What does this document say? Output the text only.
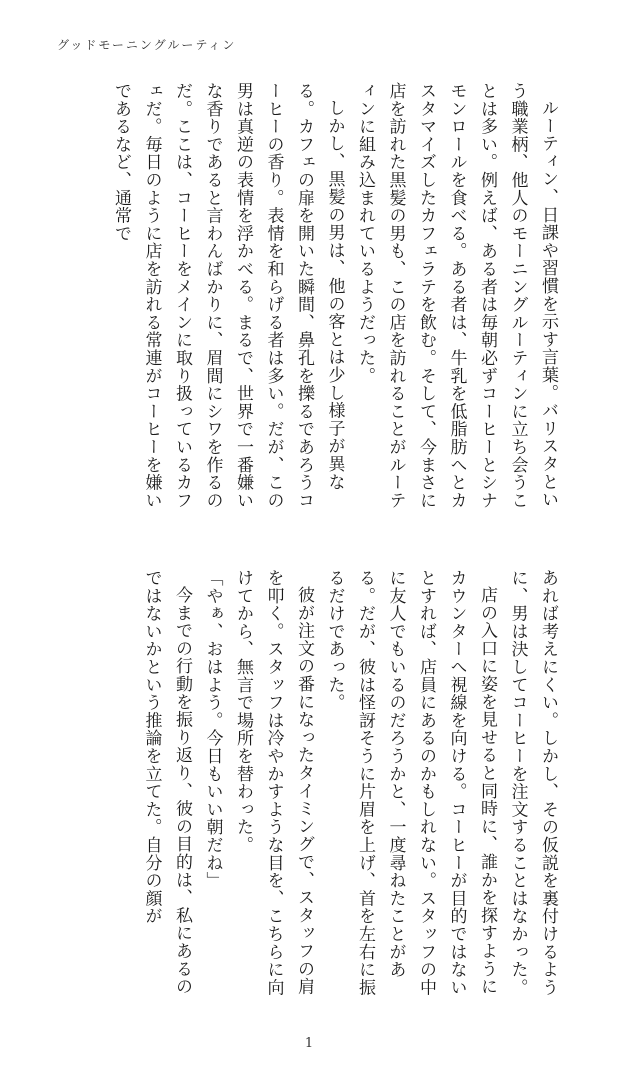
グッドモーニングルーティン

ルーティン、日課や習慣を示す言葉。バリスタという職業柄、他人のモーニングルーティンに立ち会うことは多い。例えば、ある者は毎朝必ずコーヒーとシナモンロールを食べる。ある者は、牛乳を低脂肪へとカスタマイズしたカフェラテを飲む。そして、今まさに店を訪れた黒髪の男も、この店を訪れることがルーティンに組み込まれているようだった。

しかし、黒髪の男は、他の客とは少し様子が異なる。カフェの扉を開いた瞬間、鼻孔を擽るであろうコーヒーの香り。表情を和らげる者は多い。だが、この男は真逆の表情を浮かべる。まるで、世界で一番嫌いな香りであると言わんばかりに、眉間にシワを作るのだ。ここは、コーヒーをメインに取り扱っているカフェだ。毎日のように店を訪れる常連がコーヒーを嫌いであるなど、通常で

あれば考えにくい。しかし、その仮説を裏付けるように、男は決してコーヒーを注文することはなかった。

店の入口に姿を見せると同時に、誰かを探すようにカウンターへ視線を向ける。コーヒーが目的ではないとすれば、店員にあるのかもしれない。スタッフの中に友人でもいるのだろうかと、一度尋ねたことがある。だが、彼は怪訝そうに片眉を上げ、首を左右に振るだけであった。

彼が注文の番になったタイミングで、スタッフの肩を叩く。スタッフは冷やかすような目を、こちらに向けてから、無言で場所を替わった。

「やぁ、おはよう。今日もいい朝だね」

今までの行動を振り返り、彼の目的は、私にあるのではないかという推論を立てた。自分の顔が

1
